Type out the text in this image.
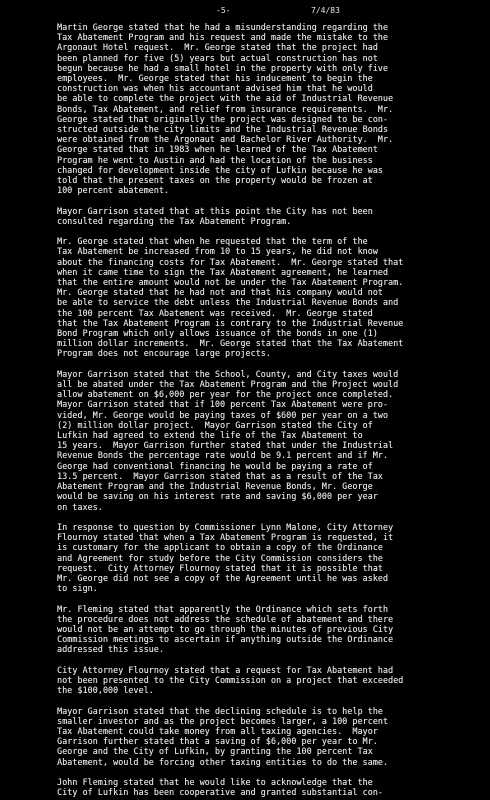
-5-	7/4/83

Martin George stated that he had a misunderstanding regarding the
Tax Abatement Program and his request and made the mistake to the
Argonaut Hotel request.  Mr. George stated that the project had
been planned for five (5) years but actual construction has not
begun because he had a small hotel in the property with only five
employees.  Mr. George stated that his inducement to begin the
construction was when his accountant advised him that he would
be able to complete the project with the aid of Industrial Revenue
Bonds, Tax Abatement, and relief from insurance requirements.  Mr.
George stated that originally the project was designed to be con-
structed outside the city limits and the Industrial Revenue Bonds
were obtained from the Argonaut and Bachelor River Authority.  Mr.
George stated that in 1983 when he learned of the Tax Abatement
Program he went to Austin and had the location of the business
changed for development inside the city of Lufkin because he was
told that the present taxes on the property would be frozen at
100 percent abatement.

Mayor Garrison stated that at this point the City has not been
consulted regarding the Tax Abatement Program.

Mr. George stated that when he requested that the term of the
Tax Abatement be increased from 10 to 15 years, he did not know
about the financing costs for Tax Abatement.  Mr. George stated that
when it came time to sign the Tax Abatement agreement, he learned
that the entire amount would not be under the Tax Abatement Program.
Mr. George stated that he had not and that his company would not
be able to service the debt unless the Industrial Revenue Bonds and
the 100 percent Tax Abatement was received.  Mr. George stated
that the Tax Abatement Program is contrary to the Industrial Revenue
Bond Program which only allows issuance of the bonds in one (1)
million dollar increments.  Mr. George stated that the Tax Abatement
Program does not encourage large projects.

Mayor Garrison stated that the School, County, and City taxes would
all be abated under the Tax Abatement Program and the Project would
allow abatement on $6,000 per year for the project once completed.
Mayor Garrison stated that if 100 percent Tax Abatement were pro-
vided, Mr. George would be paying taxes of $600 per year on a two
(2) million dollar project.  Mayor Garrison stated the City of
Lufkin had agreed to extend the life of the Tax Abatement to
15 years.  Mayor Garrison further stated that under the Industrial
Revenue Bonds the percentage rate would be 9.1 percent and if Mr.
George had conventional financing he would be paying a rate of
13.5 percent.  Mayor Garrison stated that as a result of the Tax
Abatement Program and the Industrial Revenue Bonds, Mr. George
would be saving on his interest rate and saving $6,000 per year
on taxes.

In response to question by Commissioner Lynn Malone, City Attorney
Flournoy stated that when a Tax Abatement Program is requested, it
is customary for the applicant to obtain a copy of the Ordinance
and Agreement for study before the City Commission considers the
request.  City Attorney Flournoy stated that it is possible that
Mr. George did not see a copy of the Agreement until he was asked
to sign.

Mr. Fleming stated that apparently the Ordinance which sets forth
the procedure does not address the schedule of abatement and there
would not be an attempt to go through the minutes of previous City
Commission meetings to ascertain if anything outside the Ordinance
addressed this issue.

City Attorney Flournoy stated that a request for Tax Abatement had
not been presented to the City Commission on a project that exceeded
the $100,000 level.

Mayor Garrison stated that the declining schedule is to help the
smaller investor and as the project becomes larger, a 100 percent
Tax Abatement could take money from all taxing agencies.  Mayor
Garrison further stated that a saving of $6,000 per year to Mr.
George and the City of Lufkin, by granting the 100 percent Tax
Abatement, would be forcing other taxing entities to do the same.

John Fleming stated that he would like to acknowledge that the
City of Lufkin has been cooperative and granted substantial con-
